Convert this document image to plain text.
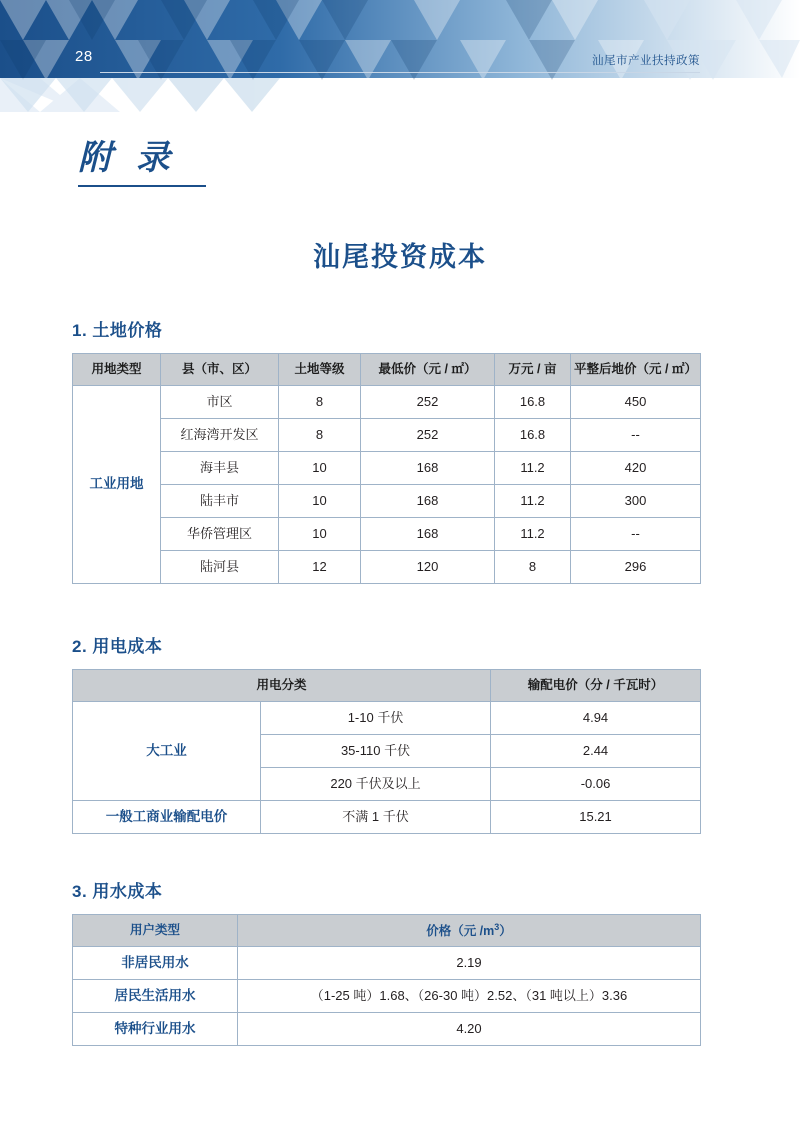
28	汕尾市产业扶持政策
附 录
汕尾投资成本
1. 土地价格
用地类型	县（市、区）	土地等级	最低价（元 / ㎡）	万元 / 亩	平整后地价（元 / ㎡）
工业用地	市区	8	252	16.8	450
	红海湾开发区	8	252	16.8	--
	海丰县	10	168	11.2	420
	陆丰市	10	168	11.2	300
	华侨管理区	10	168	11.2	--
	陆河县	12	120	8	296
2. 用电成本
用电分类		输配电价（分 / 千瓦时）
大工业	1-10 千伏	4.94
	35-110 千伏	2.44
	220 千伏及以上	-0.06
一般工商业输配电价	不满 1 千伏	15.21
3. 用水成本
用户类型	价格（元 $/m^3$）
非居民用水	2.19
居民生活用水	（1-25 吨）1.68、（26-30 吨）2.52、（31 吨以上）3.36
特种行业用水	4.20
